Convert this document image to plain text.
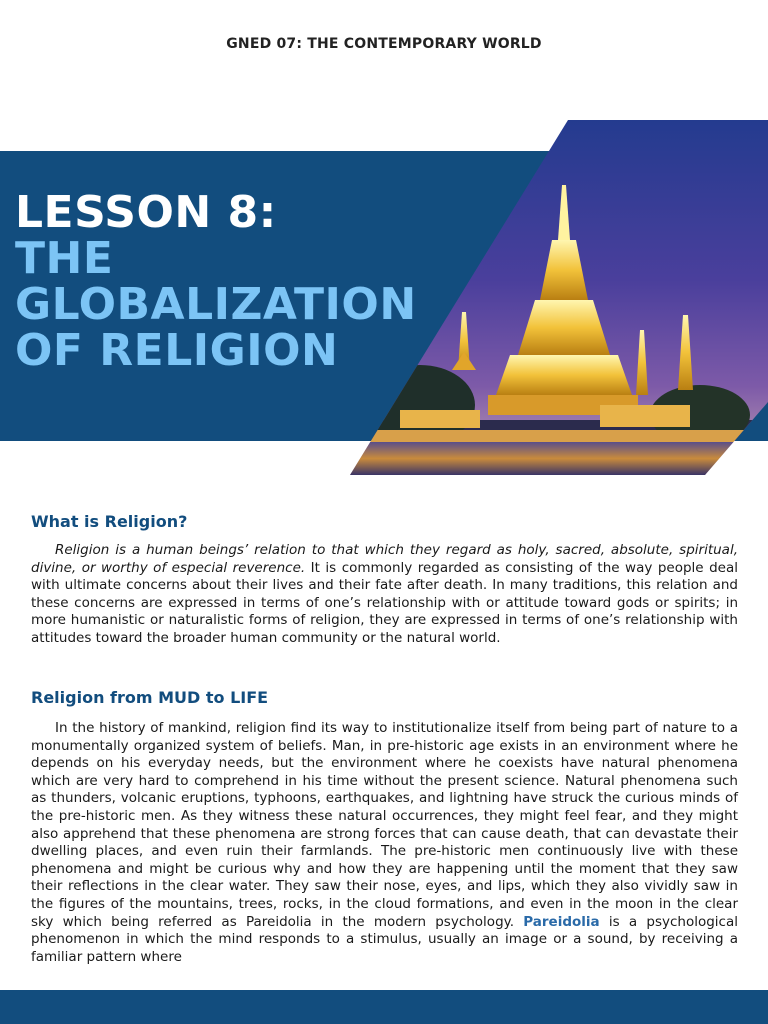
GNED 07: THE CONTEMPORARY WORLD
LESSON 8:
THE
GLOBALIZATION
OF RELIGION
What is Religion?

Religion is a human beings’ relation to that which they regard as holy, sacred, absolute, spiritual, divine, or worthy of especial reverence. It is commonly regarded as consisting of the way people deal with ultimate concerns about their lives and their fate after death. In many traditions, this relation and these concerns are expressed in terms of one’s relationship with or attitude toward gods or spirits; in more humanistic or naturalistic forms of religion, they are expressed in terms of one’s relationship with attitudes toward the broader human community or the natural world.

Religion from MUD to LIFE

In the history of mankind, religion find its way to institutionalize itself from being part of nature to a monumentally organized system of beliefs. Man, in pre-historic age exists in an environment where he depends on his everyday needs, but the environment where he coexists have natural phenomena which are very hard to comprehend in his time without the present science. Natural phenomena such as thunders, volcanic eruptions, typhoons, earthquakes, and lightning have struck the curious minds of the pre-historic men. As they witness these natural occurrences, they might feel fear, and they might also apprehend that these phenomena are strong forces that can cause death, that can devastate their dwelling places, and even ruin their farmlands. The pre-historic men continuously live with these phenomena and might be curious why and how they are happening until the moment that they saw their reflections in the clear water. They saw their nose, eyes, and lips, which they also vividly saw in the figures of the mountains, trees, rocks, in the cloud formations, and even in the moon in the clear sky which being referred as Pareidolia in the modern psychology. Pareidolia is a psychological phenomenon in which the mind responds to a stimulus, usually an image or a sound, by receiving a familiar pattern where
